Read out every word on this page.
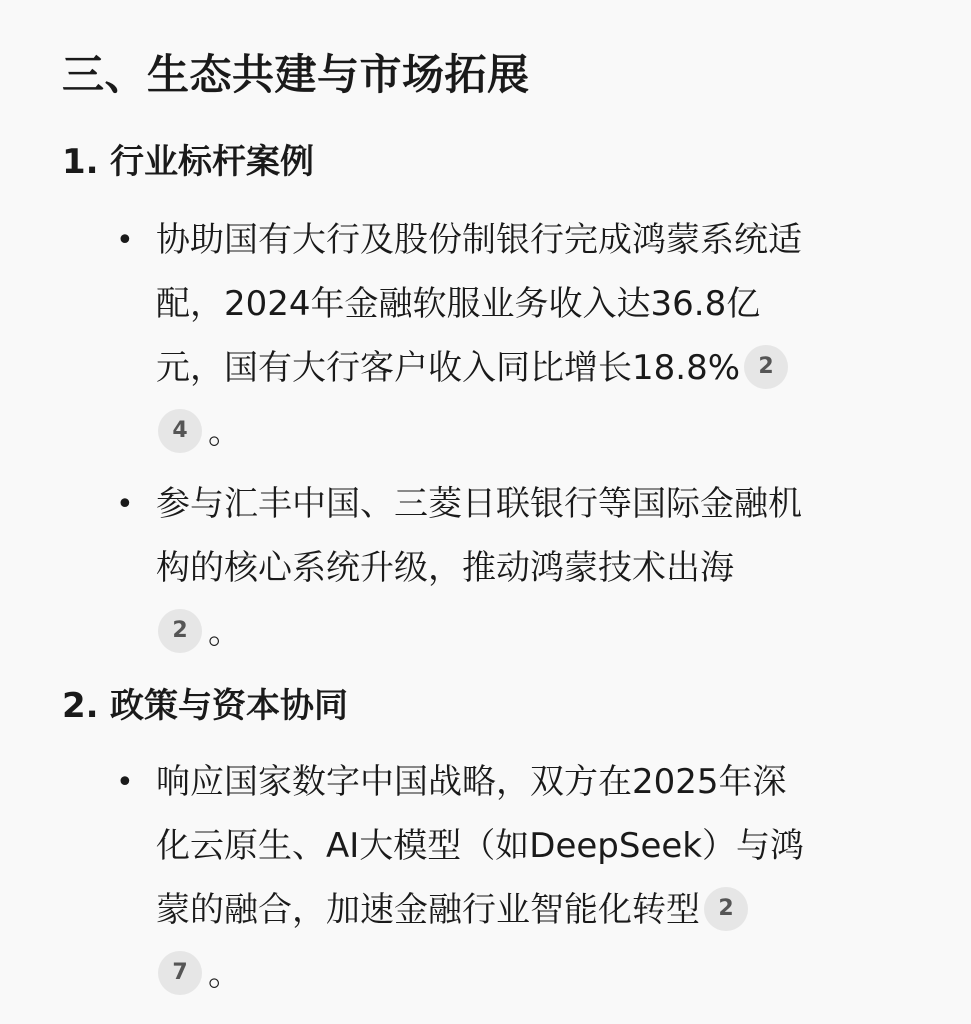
三、生态共建与市场拓展
1. 行业标杆案例
• 协助国有大行及股份制银行完成鸿蒙系统适
配，2024年金融软服业务收入达36.8亿
元，国有大行客户收入同比增长18.8% 2
4 。
• 参与汇丰中国、三菱日联银行等国际金融机
构的核心系统升级，推动鸿蒙技术出海
2 。
2. 政策与资本协同
• 响应国家数字中国战略，双方在2025年深
化云原生、AI大模型（如DeepSeek）与鸿
蒙的融合，加速金融行业智能化转型 2
7 。
